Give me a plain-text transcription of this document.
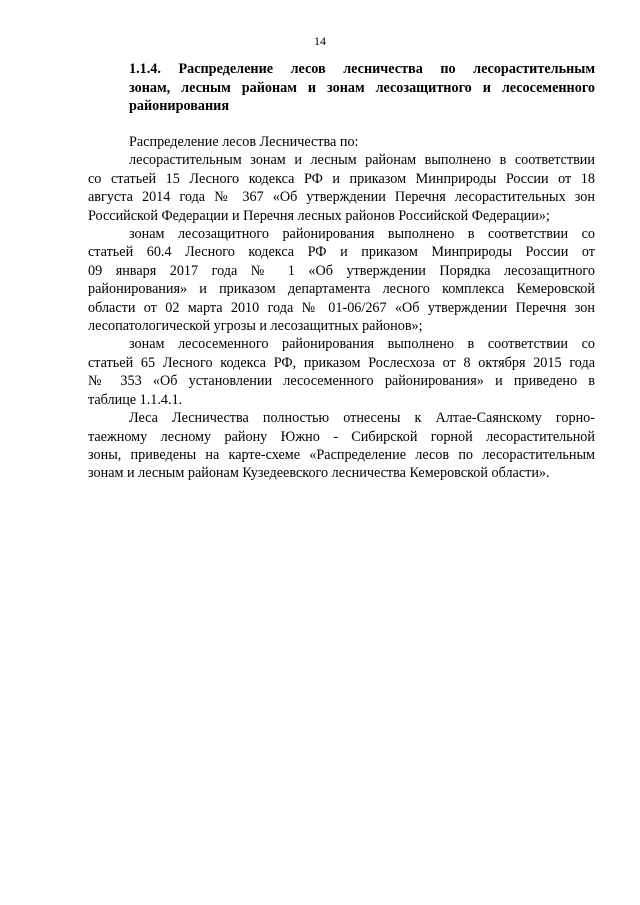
14
1.1.4. Распределение лесов лесничества по лесорастительным
зонам, лесным районам и зонам лесозащитного и лесосеменного
районирования
Распределение лесов Лесничества по:
лесорастительным зонам и лесным районам выполнено в соответствии
со статьей 15 Лесного кодекса РФ и приказом Минприроды России от 18
августа 2014 года № 367 «Об утверждении Перечня лесорастительных зон
Российской Федерации и Перечня лесных районов Российской Федерации»;
зонам лесозащитного районирования выполнено в соответствии со
статьей 60.4 Лесного кодекса РФ и приказом Минприроды России от
09 января 2017 года № 1 «Об утверждении Порядка лесозащитного
районирования» и приказом департамента лесного комплекса Кемеровской
области от 02 марта 2010 года № 01-06/267 «Об утверждении Перечня зон
лесопатологической угрозы и лесозащитных районов»;
зонам лесосеменного районирования выполнено в соответствии со
статьей 65 Лесного кодекса РФ, приказом Рослесхоза от 8 октября 2015 года
№ 353 «Об установлении лесосеменного районирования» и приведено в
таблице 1.1.4.1.
Леса Лесничества полностью отнесены к Алтае-Саянскому горно-
таежному лесному району Южно - Сибирской горной лесорастительной
зоны, приведены на карте-схеме «Распределение лесов по лесорастительным
зонам и лесным районам Кузедеевского лесничества Кемеровской области».
